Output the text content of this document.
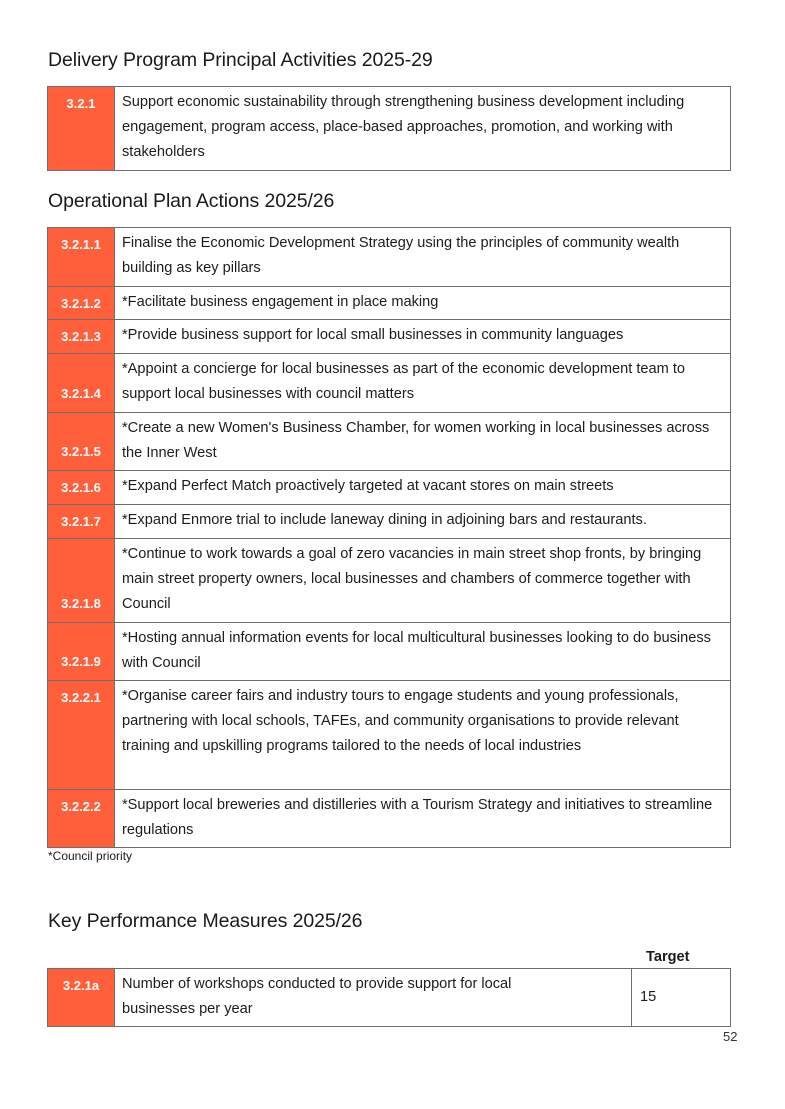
Delivery Program Principal Activities 2025-29
3.2.1	Support economic sustainability through strengthening business development including engagement, program access, place-based approaches, promotion, and working with stakeholders
Operational Plan Actions 2025/26
3.2.1.1	Finalise the Economic Development Strategy using the principles of community wealth building as key pillars
3.2.1.2	*Facilitate business engagement in place making
3.2.1.3	*Provide business support for local small businesses in community languages
3.2.1.4	*Appoint a concierge for local businesses as part of the economic development team to support local businesses with council matters
3.2.1.5	*Create a new Women's Business Chamber, for women working in local businesses across the Inner West
3.2.1.6	*Expand Perfect Match proactively targeted at vacant stores on main streets
3.2.1.7	*Expand Enmore trial to include laneway dining in adjoining bars and restaurants.
3.2.1.8	*Continue to work towards a goal of zero vacancies in main street shop fronts, by bringing main street property owners, local businesses and chambers of commerce together with Council
3.2.1.9	*Hosting annual information events for local multicultural businesses looking to do business with Council
3.2.2.1	*Organise career fairs and industry tours to engage students and young professionals, partnering with local schools, TAFEs, and community organisations to provide relevant training and upskilling programs tailored to the needs of local industries
3.2.2.2	*Support local breweries and distilleries with a Tourism Strategy and initiatives to streamline regulations
*Council priority
Key Performance Measures 2025/26
Target
3.2.1a	Number of workshops conducted to provide support for local businesses per year	15
52
